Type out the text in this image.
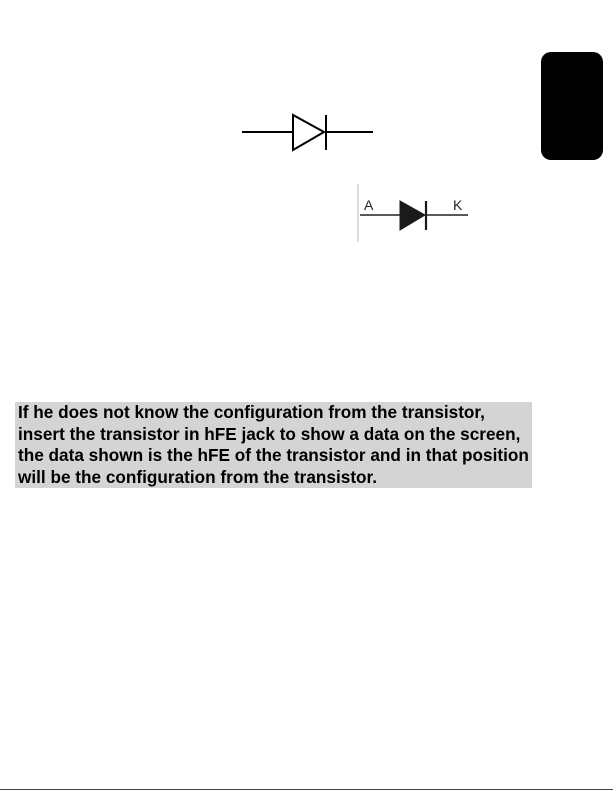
A	K

If he does not know the configuration from the transistor, insert the transistor in hFE jack to show a data on the screen, the data shown is the hFE of the transistor and in that position will be the configuration from the transistor.
